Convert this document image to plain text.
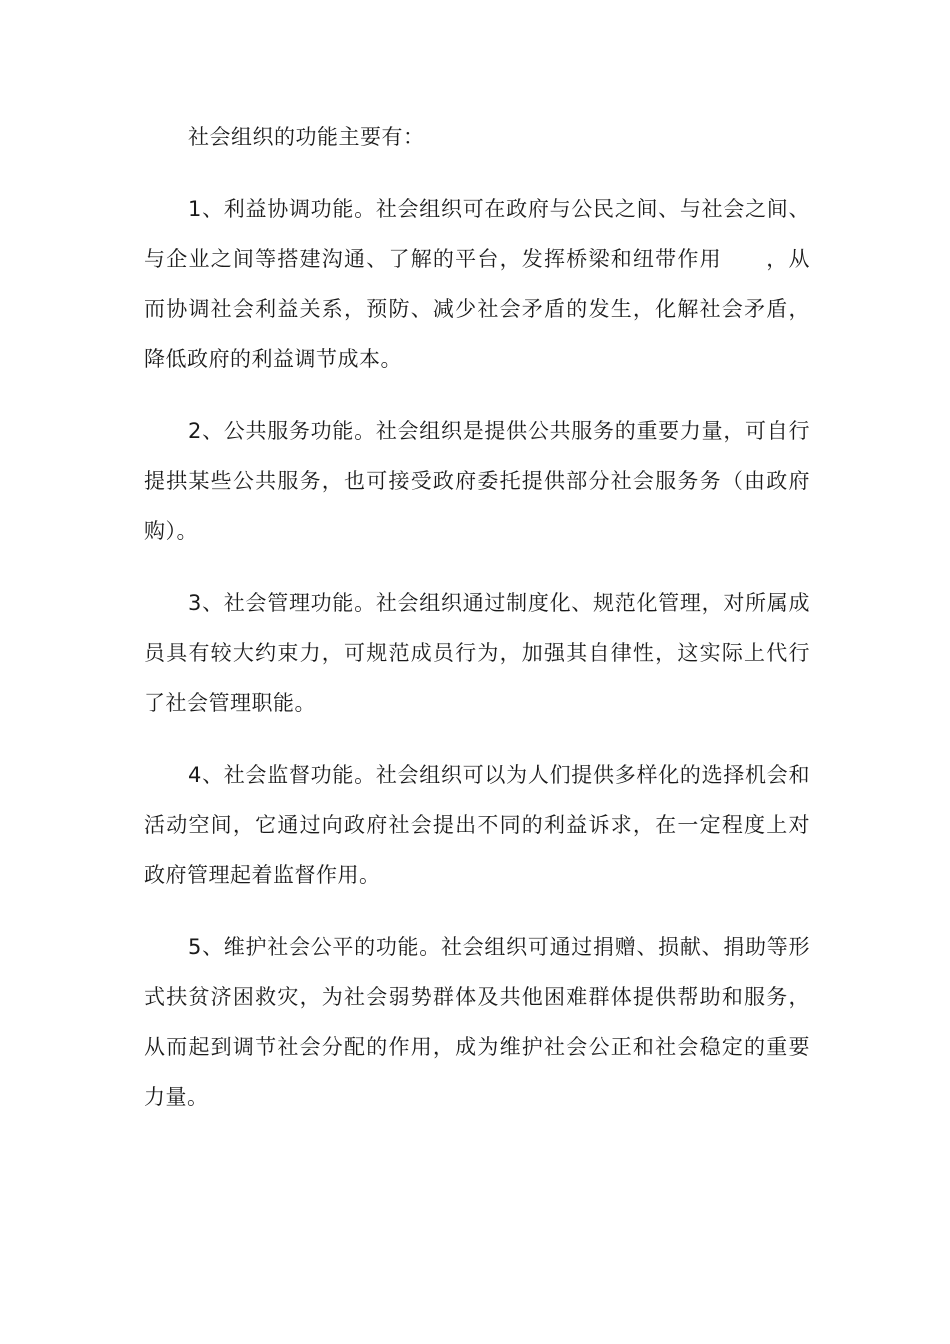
社会组织的功能主要有：

1、利益协调功能。社会组织可在政府与公民之间、与社会之间、与企业之间等搭建沟通、了解的平台，发挥桥梁和纽带作用　　，从而协调社会利益关系，预防、减少社会矛盾的发生，化解社会矛盾，降低政府的利益调节成本。

2、公共服务功能。社会组织是提供公共服务的重要力量，可自行提拱某些公共服务，也可接受政府委托提供部分社会服务务（由政府购）。

3、社会管理功能。社会组织通过制度化、规范化管理，对所属成员具有较大约束力，可规范成员行为，加强其自律性，这实际上代行了社会管理职能。

4、社会监督功能。社会组织可以为人们提供多样化的选择机会和活动空间，它通过向政府社会提出不同的利益诉求，在一定程度上对政府管理起着监督作用。

5、维护社会公平的功能。社会组织可通过捐赠、损献、捐助等形式扶贫济困救灾，为社会弱势群体及共他困难群体提供帮助和服务，从而起到调节社会分配的作用，成为维护社会公正和社会稳定的重要力量。
